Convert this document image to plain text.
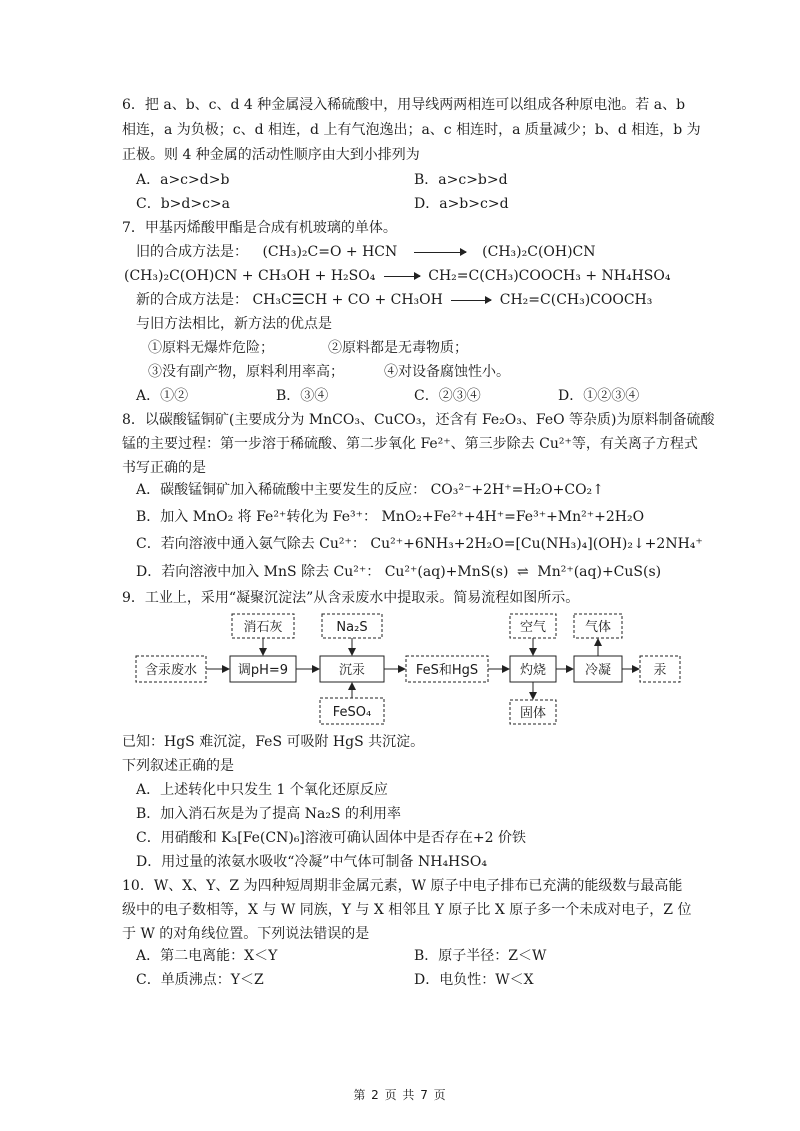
6．把 a、b、c、d 4 种金属浸入稀硫酸中，用导线两两相连可以组成各种原电池。若 a、b
相连，a 为负极；c、d 相连，d 上有气泡逸出；a、c 相连时，a 质量减少；b、d 相连，b 为
正极。则 4 种金属的活动性顺序由大到小排列为
A．a>c>d>b	B．a>c>b>d
C．b>d>c>a	D．a>b>c>d
7．甲基丙烯酸甲酯是合成有机玻璃的单体。
旧的合成方法是： (CH₃)₂C=O + HCN → (CH₃)₂C(OH)CN
(CH₃)₂C(OH)CN + CH₃OH + H₂SO₄ → CH₂=C(CH₃)COOCH₃ + NH₄HSO₄
新的合成方法是： CH₃C☰CH + CO + CH₃OH → CH₂=C(CH₃)COOCH₃
与旧方法相比，新方法的优点是
①原料无爆炸危险；	②原料都是无毒物质；
③没有副产物，原料利用率高；	④对设备腐蚀性小。
A．①②	B．③④	C．②③④	D．①②③④
8．以碳酸锰铜矿(主要成分为 MnCO₃、CuCO₃，还含有 Fe₂O₃、FeO 等杂质)为原料制备硫酸
锰的主要过程：第一步溶于稀硫酸、第二步氧化 Fe²⁺、第三步除去 Cu²⁺等，有关离子方程式
书写正确的是
A．碳酸锰铜矿加入稀硫酸中主要发生的反应： CO₃²⁻+2H⁺=H₂O+CO₂↑
B．加入 MnO₂ 将 Fe²⁺转化为 Fe³⁺： MnO₂+Fe²⁺+4H⁺=Fe³⁺+Mn²⁺+2H₂O
C．若向溶液中通入氨气除去 Cu²⁺： Cu²⁺+6NH₃+2H₂O=[Cu(NH₃)₄](OH)₂↓+2NH₄⁺
D．若向溶液中加入 MnS 除去 Cu²⁺： Cu²⁺(aq)+MnS(s) ⇌ Mn²⁺(aq)+CuS(s)
9．工业上，采用“凝聚沉淀法”从含汞废水中提取汞。简易流程如图所示。
含汞废水	调pH=9	沉汞	FeS和HgS	灼烧	冷凝	汞
消石灰	Na₂S	空气	气体
FeSO₄	固体
已知：HgS 难沉淀，FeS 可吸附 HgS 共沉淀。
下列叙述正确的是
A．上述转化中只发生 1 个氧化还原反应
B．加入消石灰是为了提高 Na₂S 的利用率
C．用硝酸和 K₃[Fe(CN)₆]溶液可确认固体中是否存在+2 价铁
D．用过量的浓氨水吸收“冷凝”中气体可制备 NH₄HSO₄
10．W、X、Y、Z 为四种短周期非金属元素，W 原子中电子排布已充满的能级数与最高能
级中的电子数相等，X 与 W 同族，Y 与 X 相邻且 Y 原子比 X 原子多一个未成对电子，Z 位
于 W 的对角线位置。下列说法错误的是
A．第二电离能：X＜Y	B．原子半径：Z＜W
C．单质沸点：Y＜Z	D．电负性：W＜X
第 2 页 共 7 页
